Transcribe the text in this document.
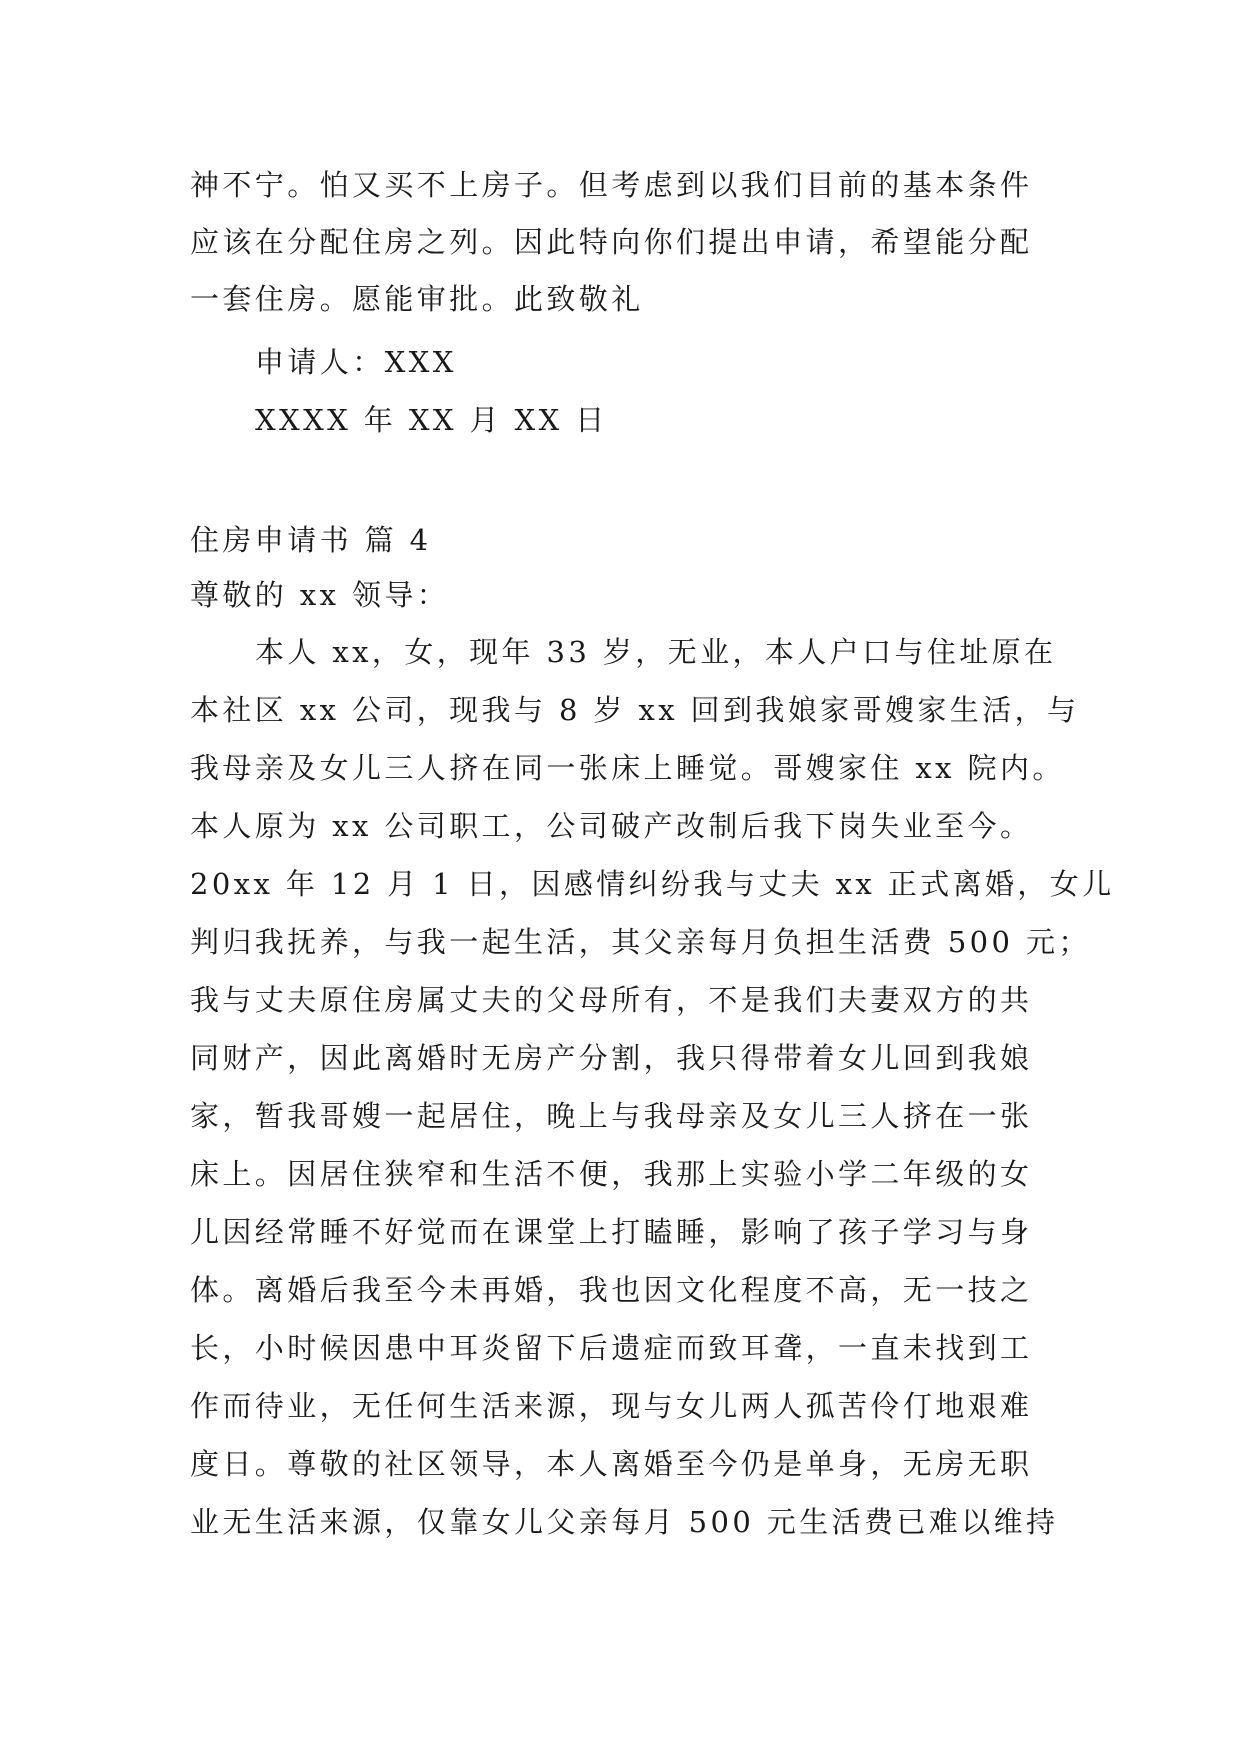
神不宁。怕又买不上房子。但考虑到以我们目前的基本条件
应该在分配住房之列。因此特向你们提出申请，希望能分配
一套住房。愿能审批。此致敬礼
申请人：XXX
XXXX 年 XX 月 XX 日
住房申请书 篇 4
尊敬的 xx 领导：
本人 xx，女，现年 33 岁，无业，本人户口与住址原在
本社区 xx 公司，现我与 8 岁 xx 回到我娘家哥嫂家生活，与
我母亲及女儿三人挤在同一张床上睡觉。哥嫂家住 xx 院内。
本人原为 xx 公司职工，公司破产改制后我下岗失业至今。
20xx 年 12 月 1 日，因感情纠纷我与丈夫 xx 正式离婚，女儿
判归我抚养，与我一起生活，其父亲每月负担生活费 500 元；
我与丈夫原住房属丈夫的父母所有，不是我们夫妻双方的共
同财产，因此离婚时无房产分割，我只得带着女儿回到我娘
家，暂我哥嫂一起居住，晚上与我母亲及女儿三人挤在一张
床上。因居住狭窄和生活不便，我那上实验小学二年级的女
儿因经常睡不好觉而在课堂上打瞌睡，影响了孩子学习与身
体。离婚后我至今未再婚，我也因文化程度不高，无一技之
长，小时候因患中耳炎留下后遗症而致耳聋，一直未找到工
作而待业，无任何生活来源，现与女儿两人孤苦伶仃地艰难
度日。尊敬的社区领导，本人离婚至今仍是单身，无房无职
业无生活来源，仅靠女儿父亲每月 500 元生活费已难以维持
